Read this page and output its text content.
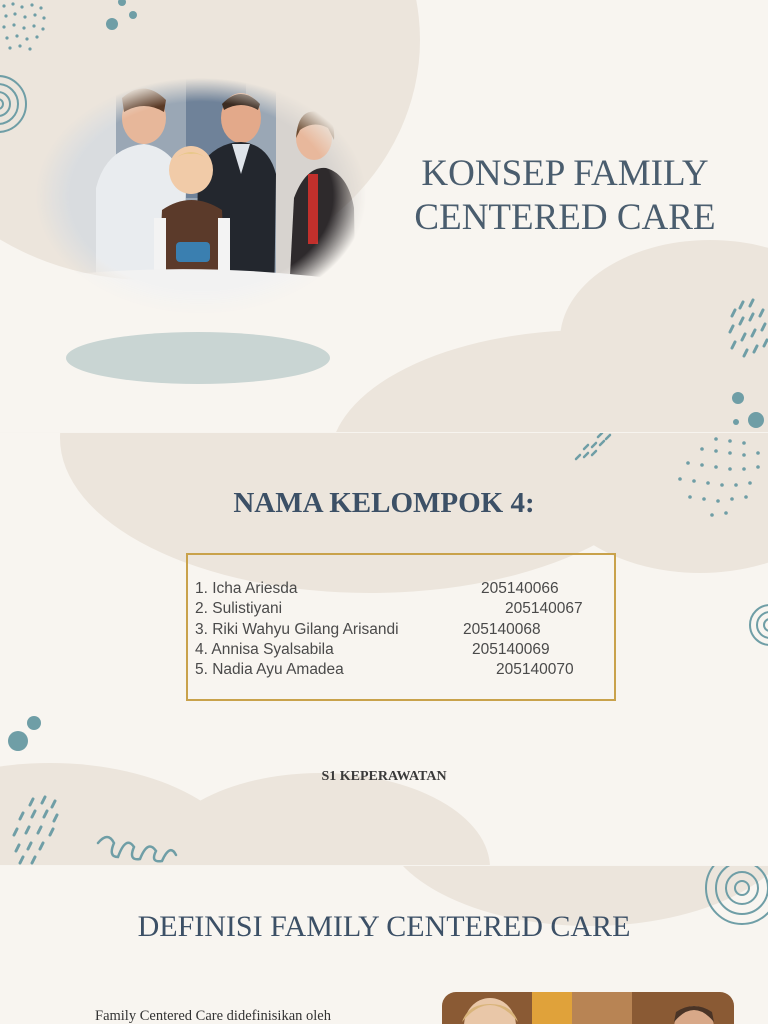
KONSEP FAMILY
CENTERED CARE
NAMA KELOMPOK 4:
1. Icha Ariesda	205140066
2. Sulistiyani	205140067
3. Riki Wahyu Gilang Arisandi	205140068
4. Annisa Syalsabila	205140069
5. Nadia Ayu Amadea	205140070

S1 KEPERAWATAN

DEFINISI FAMILY CENTERED CARE

Family Centered Care didefinisikan oleh
